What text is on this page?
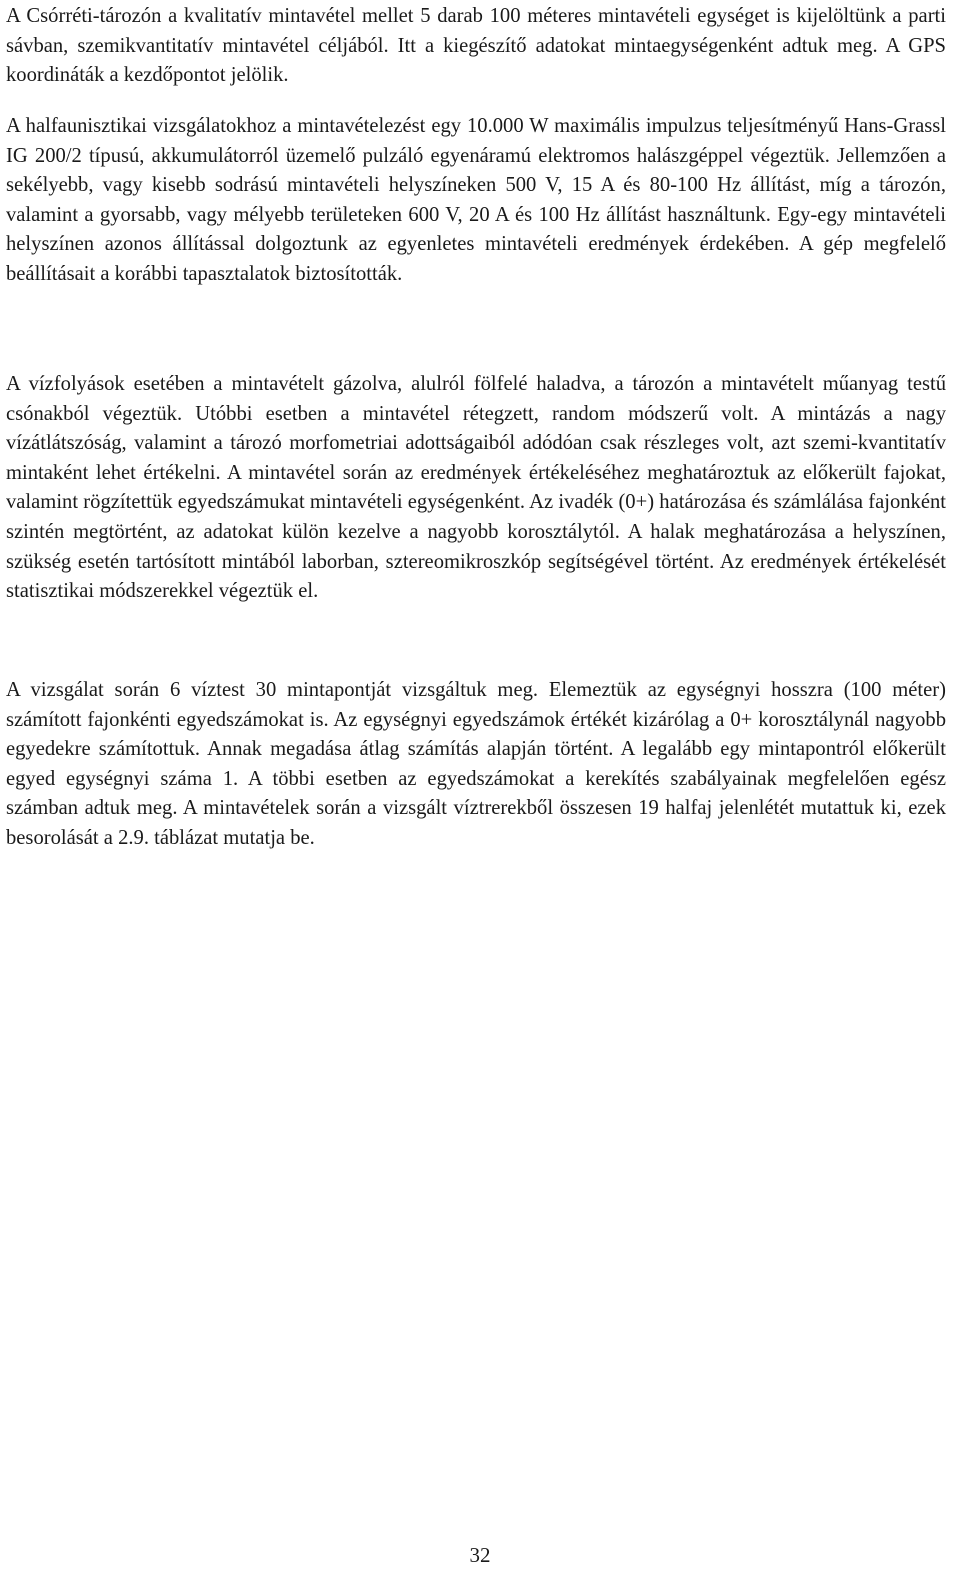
A Csórréti-tározón a kvalitatív mintavétel mellet 5 darab 100 méteres mintavételi egységet is kijelöltünk a parti sávban, szemikvantitatív mintavétel céljából. Itt a kiegészítő adatokat mintaegységenként adtuk meg. A GPS koordináták a kezdőpontot jelölik.

A halfaunisztikai vizsgálatokhoz a mintavételezést egy 10.000 W maximális impulzus teljesítményű Hans-Grassl IG 200/2 típusú, akkumulátorról üzemelő pulzáló egyenáramú elektromos halászgéppel végeztük. Jellemzően a sekélyebb, vagy kisebb sodrású mintavételi helyszíneken 500 V, 15 A és 80-100 Hz állítást, míg a tározón, valamint a gyorsabb, vagy mélyebb területeken 600 V, 20 A és 100 Hz állítást használtunk. Egy-egy mintavételi helyszínen azonos állítással dolgoztunk az egyenletes mintavételi eredmények érdekében. A gép megfelelő beállításait a korábbi tapasztalatok biztosították.

A vízfolyások esetében a mintavételt gázolva, alulról fölfelé haladva, a tározón a mintavételt műanyag testű csónakból végeztük. Utóbbi esetben a mintavétel rétegzett, random módszerű volt. A mintázás a nagy vízátlátszóság, valamint a tározó morfometriai adottságaiból adódóan csak részleges volt, azt szemi-kvantitatív mintaként lehet értékelni. A mintavétel során az eredmények értékeléséhez meghatároztuk az előkerült fajokat, valamint rögzítettük egyedszámukat mintavételi egységenként. Az ivadék (0+) határozása és számlálása fajonként szintén megtörtént, az adatokat külön kezelve a nagyobb korosztálytól. A halak meghatározása a helyszínen, szükség esetén tartósított mintából laborban, sztereomikroszkóp segítségével történt. Az eredmények értékelését statisztikai módszerekkel végeztük el.

A vizsgálat során 6 víztest 30 mintapontját vizsgáltuk meg. Elemeztük az egységnyi hosszra (100 méter) számított fajonkénti egyedszámokat is. Az egységnyi egyedszámok értékét kizárólag a 0+ korosztálynál nagyobb egyedekre számítottuk. Annak megadása átlag számítás alapján történt. A legalább egy mintapontról előkerült egyed egységnyi száma 1. A többi esetben az egyedszámokat a kerekítés szabályainak megfelelően egész számban adtuk meg. A mintavételek során a vizsgált víztrerekből összesen 19 halfaj jelenlétét mutattuk ki, ezek besorolását a 2.9. táblázat mutatja be.

32
